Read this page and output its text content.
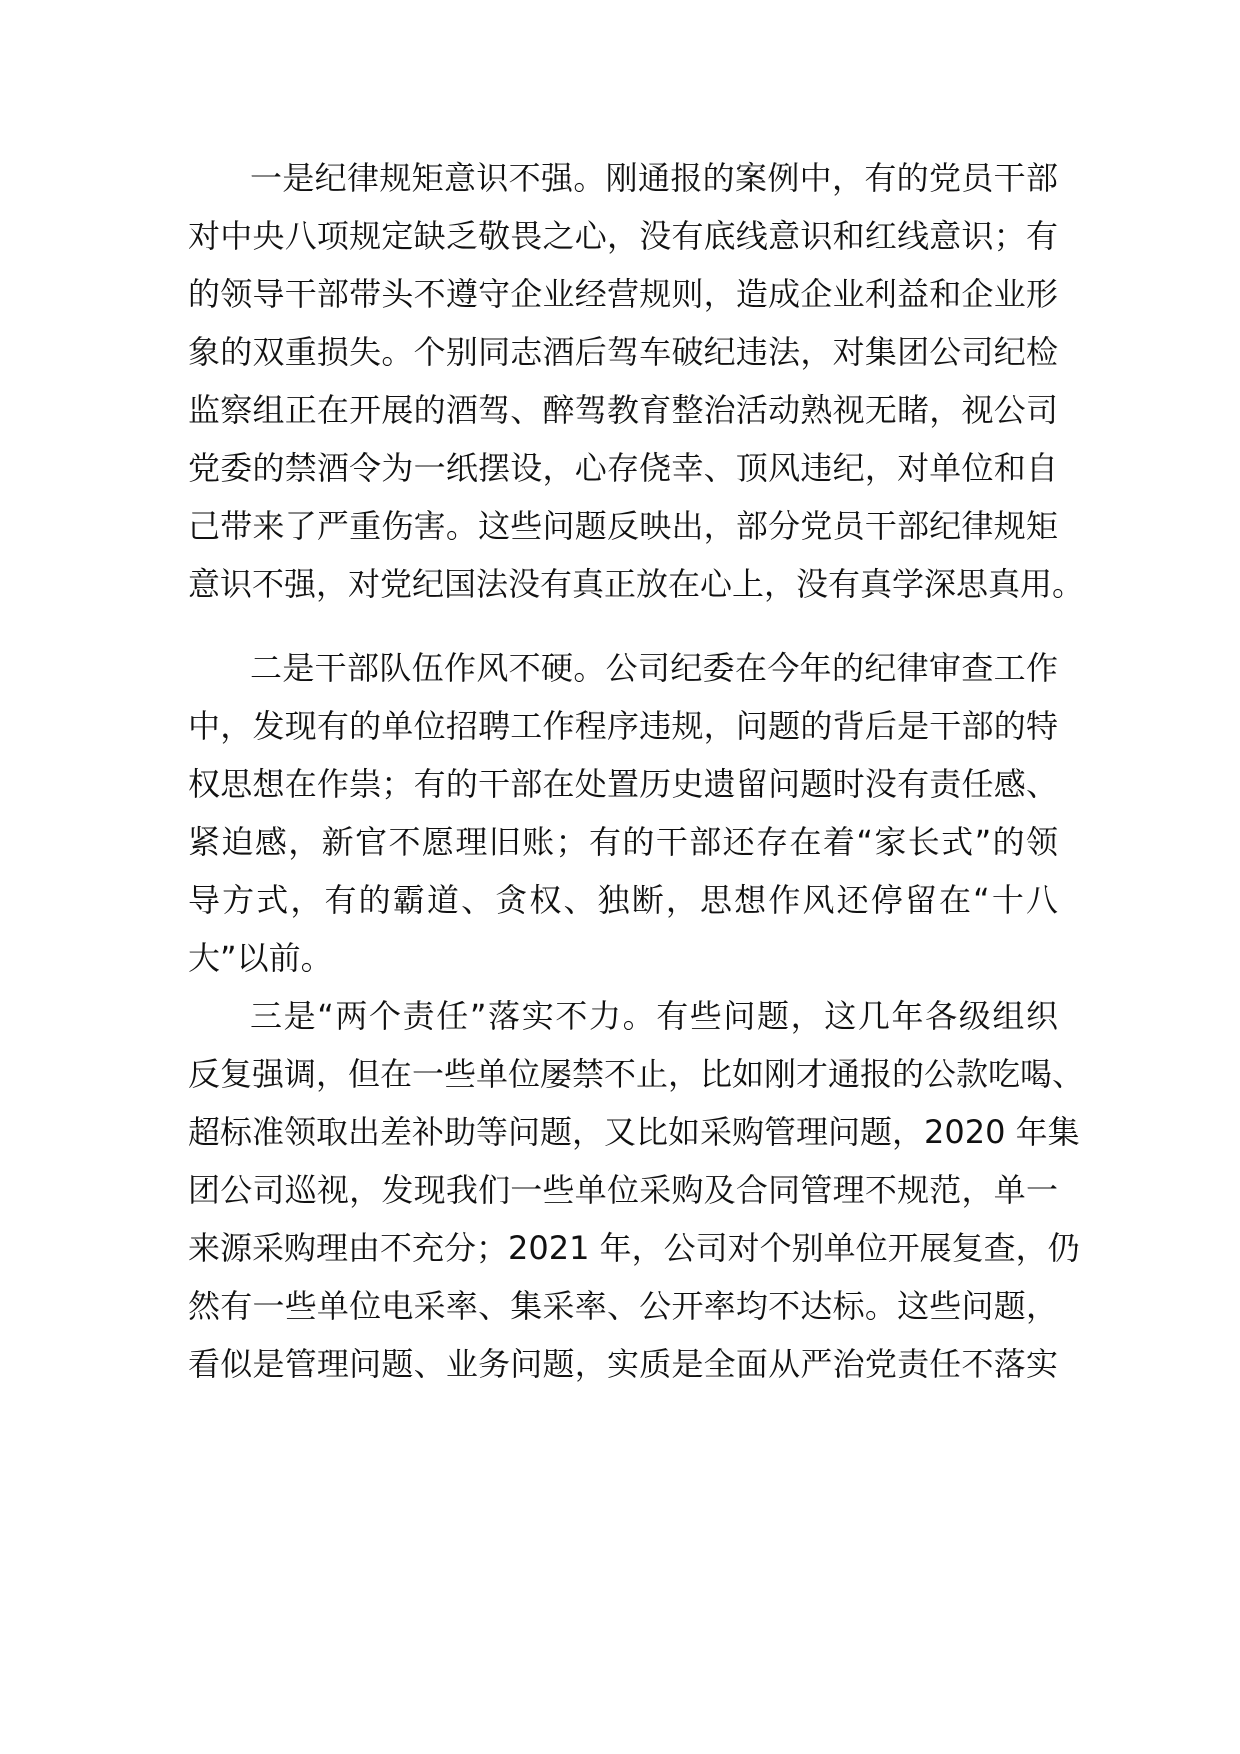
一是纪律规矩意识不强。刚通报的案例中，有的党员干部
对中央八项规定缺乏敬畏之心，没有底线意识和红线意识；有
的领导干部带头不遵守企业经营规则，造成企业利益和企业形
象的双重损失。个别同志酒后驾车破纪违法，对集团公司纪检
监察组正在开展的酒驾、醉驾教育整治活动熟视无睹，视公司
党委的禁酒令为一纸摆设，心存侥幸、顶风违纪，对单位和自
己带来了严重伤害。这些问题反映出，部分党员干部纪律规矩
意识不强，对党纪国法没有真正放在心上，没有真学深思真用。
二是干部队伍作风不硬。公司纪委在今年的纪律审查工作
中，发现有的单位招聘工作程序违规，问题的背后是干部的特
权思想在作祟；有的干部在处置历史遗留问题时没有责任感、
紧迫感，新官不愿理旧账；有的干部还存在着“家长式”的领
导方式，有的霸道、贪权、独断，思想作风还停留在“十八
大”以前。
三是“两个责任”落实不力。有些问题，这几年各级组织
反复强调，但在一些单位屡禁不止，比如刚才通报的公款吃喝、
超标准领取出差补助等问题，又比如采购管理问题，2020 年集
团公司巡视，发现我们一些单位采购及合同管理不规范，单一
来源采购理由不充分；2021 年，公司对个别单位开展复查，仍
然有一些单位电采率、集采率、公开率均不达标。这些问题，
看似是管理问题、业务问题，实质是全面从严治党责任不落实
